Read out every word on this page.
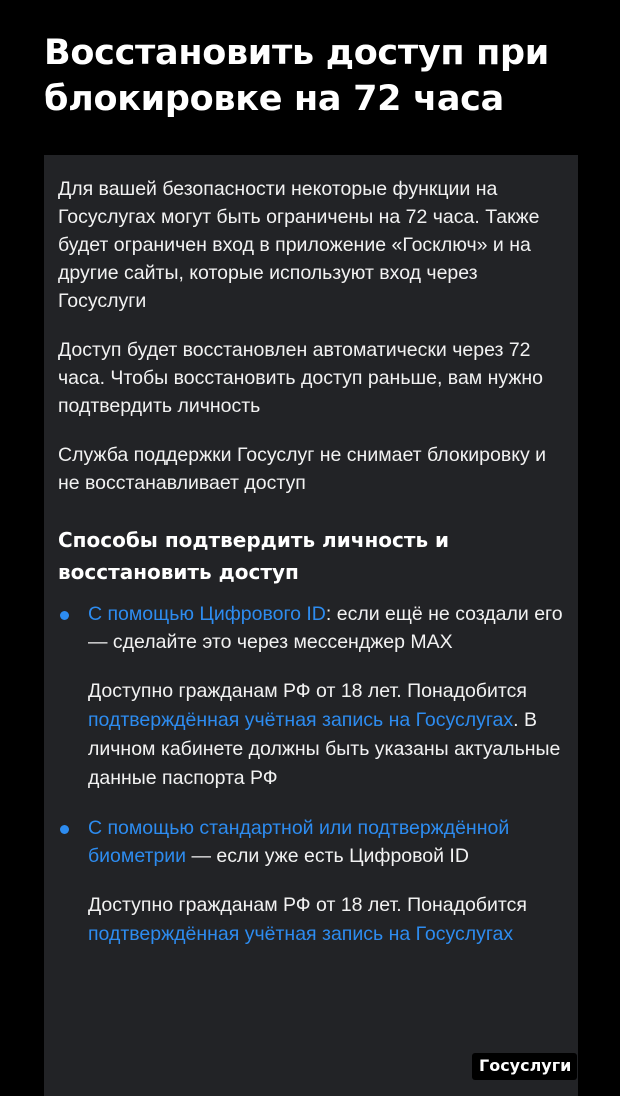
Восстановить доступ при блокировке на 72 часа

Для вашей безопасности некоторые функции на Госуслугах могут быть ограничены на 72 часа. Также будет ограничен вход в приложение «Госключ» и на другие сайты, которые используют вход через Госуслуги

Доступ будет восстановлен автоматически через 72 часа. Чтобы восстановить доступ раньше, вам нужно подтвердить личность

Служба поддержки Госуслуг не снимает блокировку и не восстанавливает доступ

Способы подтвердить личность и восстановить доступ

С помощью Цифрового ID: если ещё не создали его — сделайте это через мессенджер MAX

Доступно гражданам РФ от 18 лет. Понадобится подтверждённая учётная запись на Госуслугах. В личном кабинете должны быть указаны актуальные данные паспорта РФ

С помощью стандартной или подтверждённой биометрии — если уже есть Цифровой ID

Доступно гражданам РФ от 18 лет. Понадобится подтверждённая учётная запись на Госуслугах

Госуслуги
